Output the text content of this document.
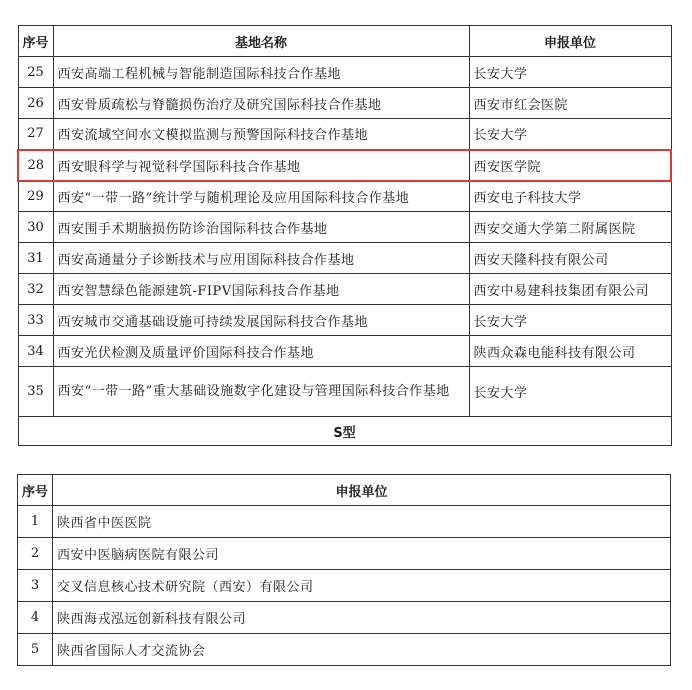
序号	基地名称	申报单位
25	西安高端工程机械与智能制造国际科技合作基地	长安大学
26	西安骨质疏松与脊髓损伤治疗及研究国际科技合作基地	西安市红会医院
27	西安流域空间水文模拟监测与预警国际科技合作基地	长安大学
28	西安眼科学与视觉科学国际科技合作基地	西安医学院
29	西安“一带一路”统计学与随机理论及应用国际科技合作基地	西安电子科技大学
30	西安围手术期脑损伤防诊治国际科技合作基地	西安交通大学第二附属医院
31	西安高通量分子诊断技术与应用国际科技合作基地	西安天隆科技有限公司
32	西安智慧绿色能源建筑-FIPV国际科技合作基地	西安中易建科技集团有限公司
33	西安城市交通基础设施可持续发展国际科技合作基地	长安大学
34	西安光伏检测及质量评价国际科技合作基地	陕西众森电能科技有限公司
35	西安“一带一路”重大基础设施数字化建设与管理国际科技合作基地	长安大学
S型		
序号	申报单位
1	陕西省中医医院
2	西安中医脑病医院有限公司
3	交叉信息核心技术研究院（西安）有限公司
4	陕西海戎泓远创新科技有限公司
5	陕西省国际人才交流协会
